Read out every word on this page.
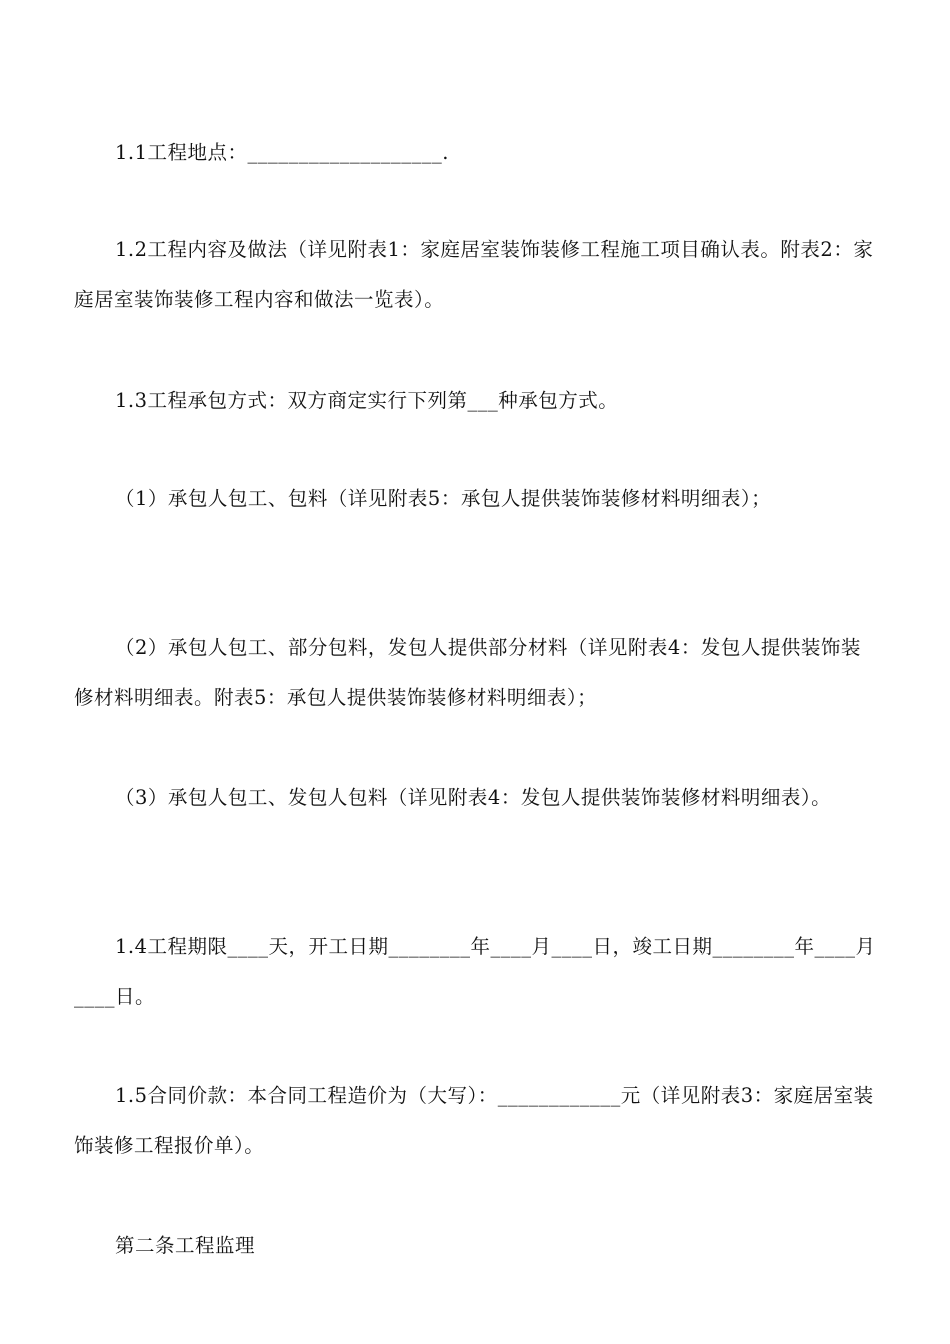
1.1工程地点：___________________.

1.2工程内容及做法（详见附表1：家庭居室装饰装修工程施工项目确认表。附表2：家庭居室装饰装修工程内容和做法一览表）。

1.3工程承包方式：双方商定实行下列第___种承包方式。

（1）承包人包工、包料（详见附表5：承包人提供装饰装修材料明细表）；

（2）承包人包工、部分包料，发包人提供部分材料（详见附表4：发包人提供装饰装修材料明细表。附表5：承包人提供装饰装修材料明细表）；

（3）承包人包工、发包人包料（详见附表4：发包人提供装饰装修材料明细表）。

1.4工程期限____天，开工日期________年____月____日，竣工日期________年____月____日。

1.5合同价款：本合同工程造价为（大写）：____________元（详见附表3：家庭居室装饰装修工程报价单）。

第二条工程监理
